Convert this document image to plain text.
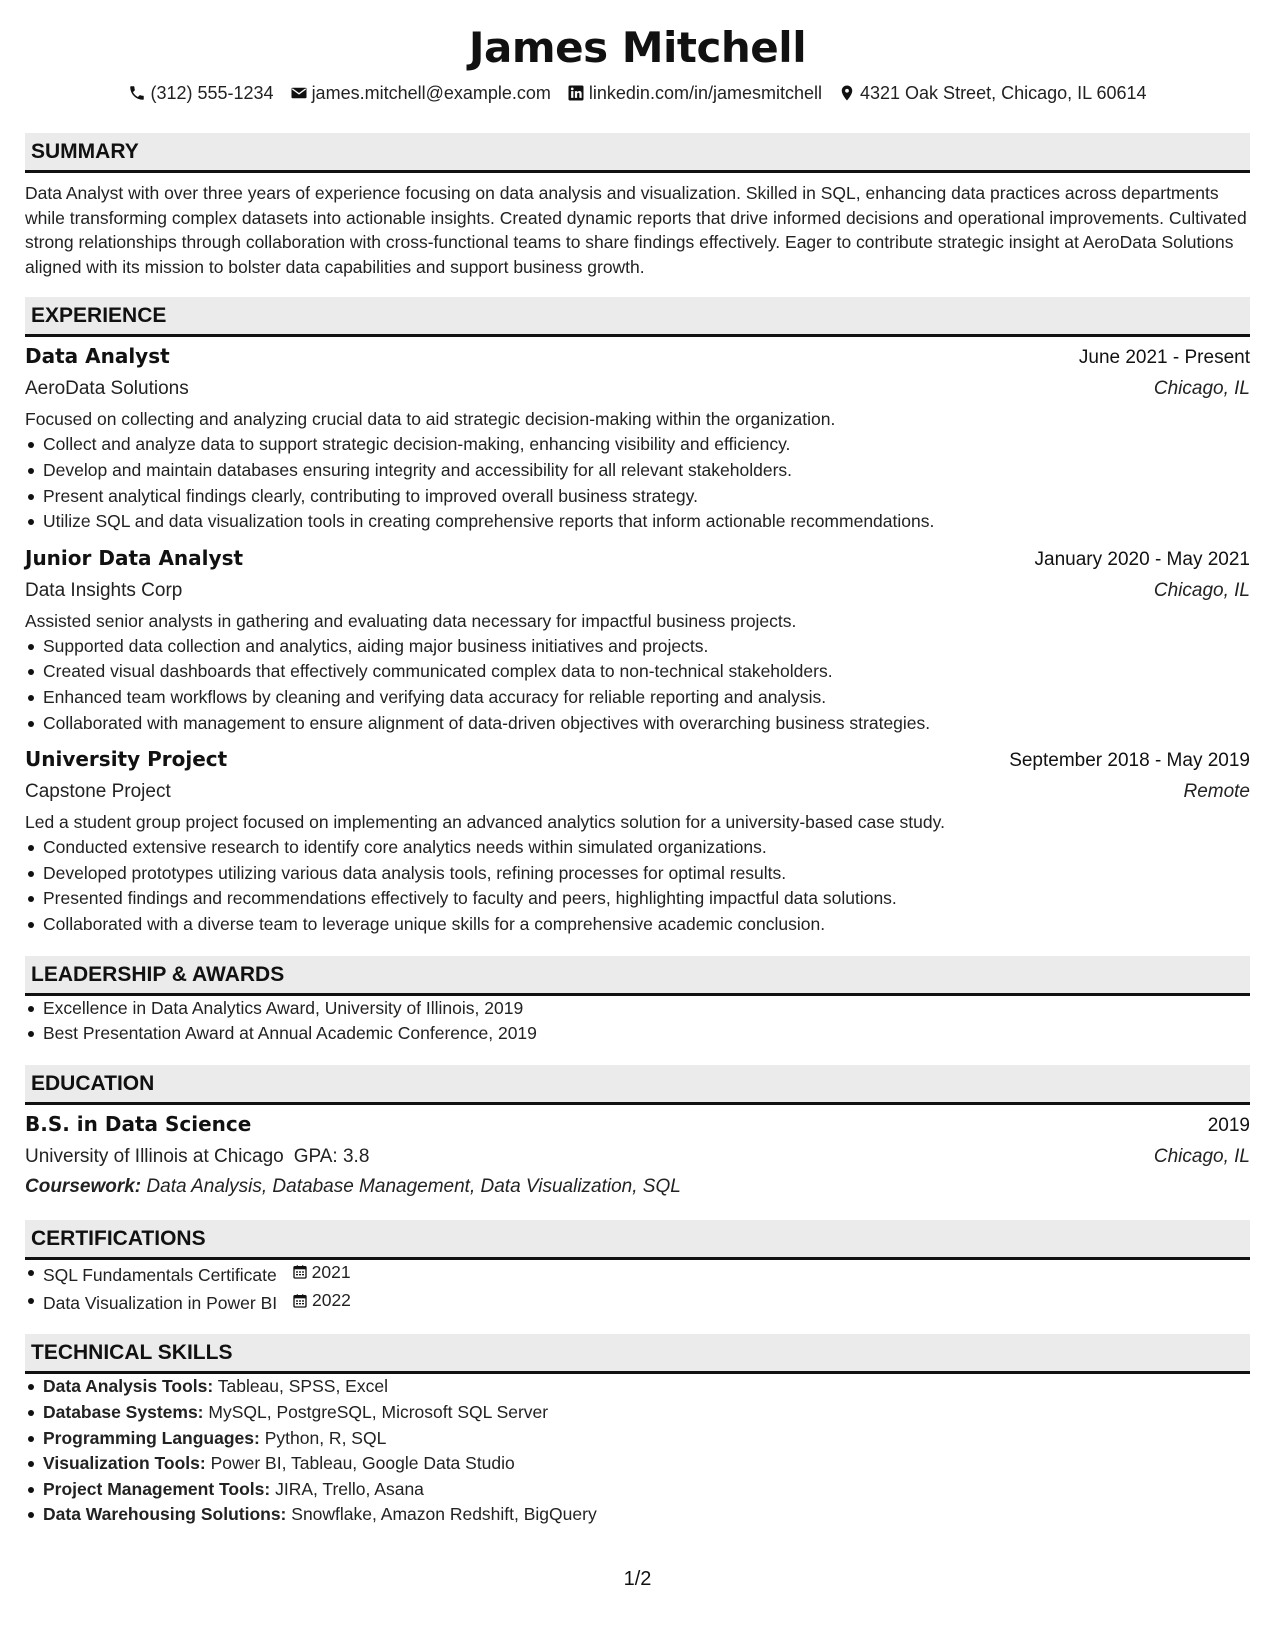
James Mitchell
(312) 555-1234 james.mitchell@example.com linkedin.com/in/jamesmitchell 4321 Oak Street, Chicago, IL 60614
SUMMARY
Data Analyst with over three years of experience focusing on data analysis and visualization. Skilled in SQL, enhancing data practices across departments while transforming complex datasets into actionable insights. Created dynamic reports that drive informed decisions and operational improvements. Cultivated strong relationships through collaboration with cross-functional teams to share findings effectively. Eager to contribute strategic insight at AeroData Solutions aligned with its mission to bolster data capabilities and support business growth.
EXPERIENCE
Data Analyst	June 2021 - Present
AeroData Solutions	Chicago, IL
Focused on collecting and analyzing crucial data to aid strategic decision-making within the organization.
Collect and analyze data to support strategic decision-making, enhancing visibility and efficiency.
Develop and maintain databases ensuring integrity and accessibility for all relevant stakeholders.
Present analytical findings clearly, contributing to improved overall business strategy.
Utilize SQL and data visualization tools in creating comprehensive reports that inform actionable recommendations.
Junior Data Analyst	January 2020 - May 2021
Data Insights Corp	Chicago, IL
Assisted senior analysts in gathering and evaluating data necessary for impactful business projects.
Supported data collection and analytics, aiding major business initiatives and projects.
Created visual dashboards that effectively communicated complex data to non-technical stakeholders.
Enhanced team workflows by cleaning and verifying data accuracy for reliable reporting and analysis.
Collaborated with management to ensure alignment of data-driven objectives with overarching business strategies.
University Project	September 2018 - May 2019
Capstone Project	Remote
Led a student group project focused on implementing an advanced analytics solution for a university-based case study.
Conducted extensive research to identify core analytics needs within simulated organizations.
Developed prototypes utilizing various data analysis tools, refining processes for optimal results.
Presented findings and recommendations effectively to faculty and peers, highlighting impactful data solutions.
Collaborated with a diverse team to leverage unique skills for a comprehensive academic conclusion.
LEADERSHIP & AWARDS
Excellence in Data Analytics Award, University of Illinois, 2019
Best Presentation Award at Annual Academic Conference, 2019
EDUCATION
B.S. in Data Science	2019
University of Illinois at Chicago GPA: 3.8	Chicago, IL
Coursework: Data Analysis, Database Management, Data Visualization, SQL
CERTIFICATIONS
SQL Fundamentals Certificate 2021
Data Visualization in Power BI 2022
TECHNICAL SKILLS
Data Analysis Tools: Tableau, SPSS, Excel
Database Systems: MySQL, PostgreSQL, Microsoft SQL Server
Programming Languages: Python, R, SQL
Visualization Tools: Power BI, Tableau, Google Data Studio
Project Management Tools: JIRA, Trello, Asana
Data Warehousing Solutions: Snowflake, Amazon Redshift, BigQuery
1/2
